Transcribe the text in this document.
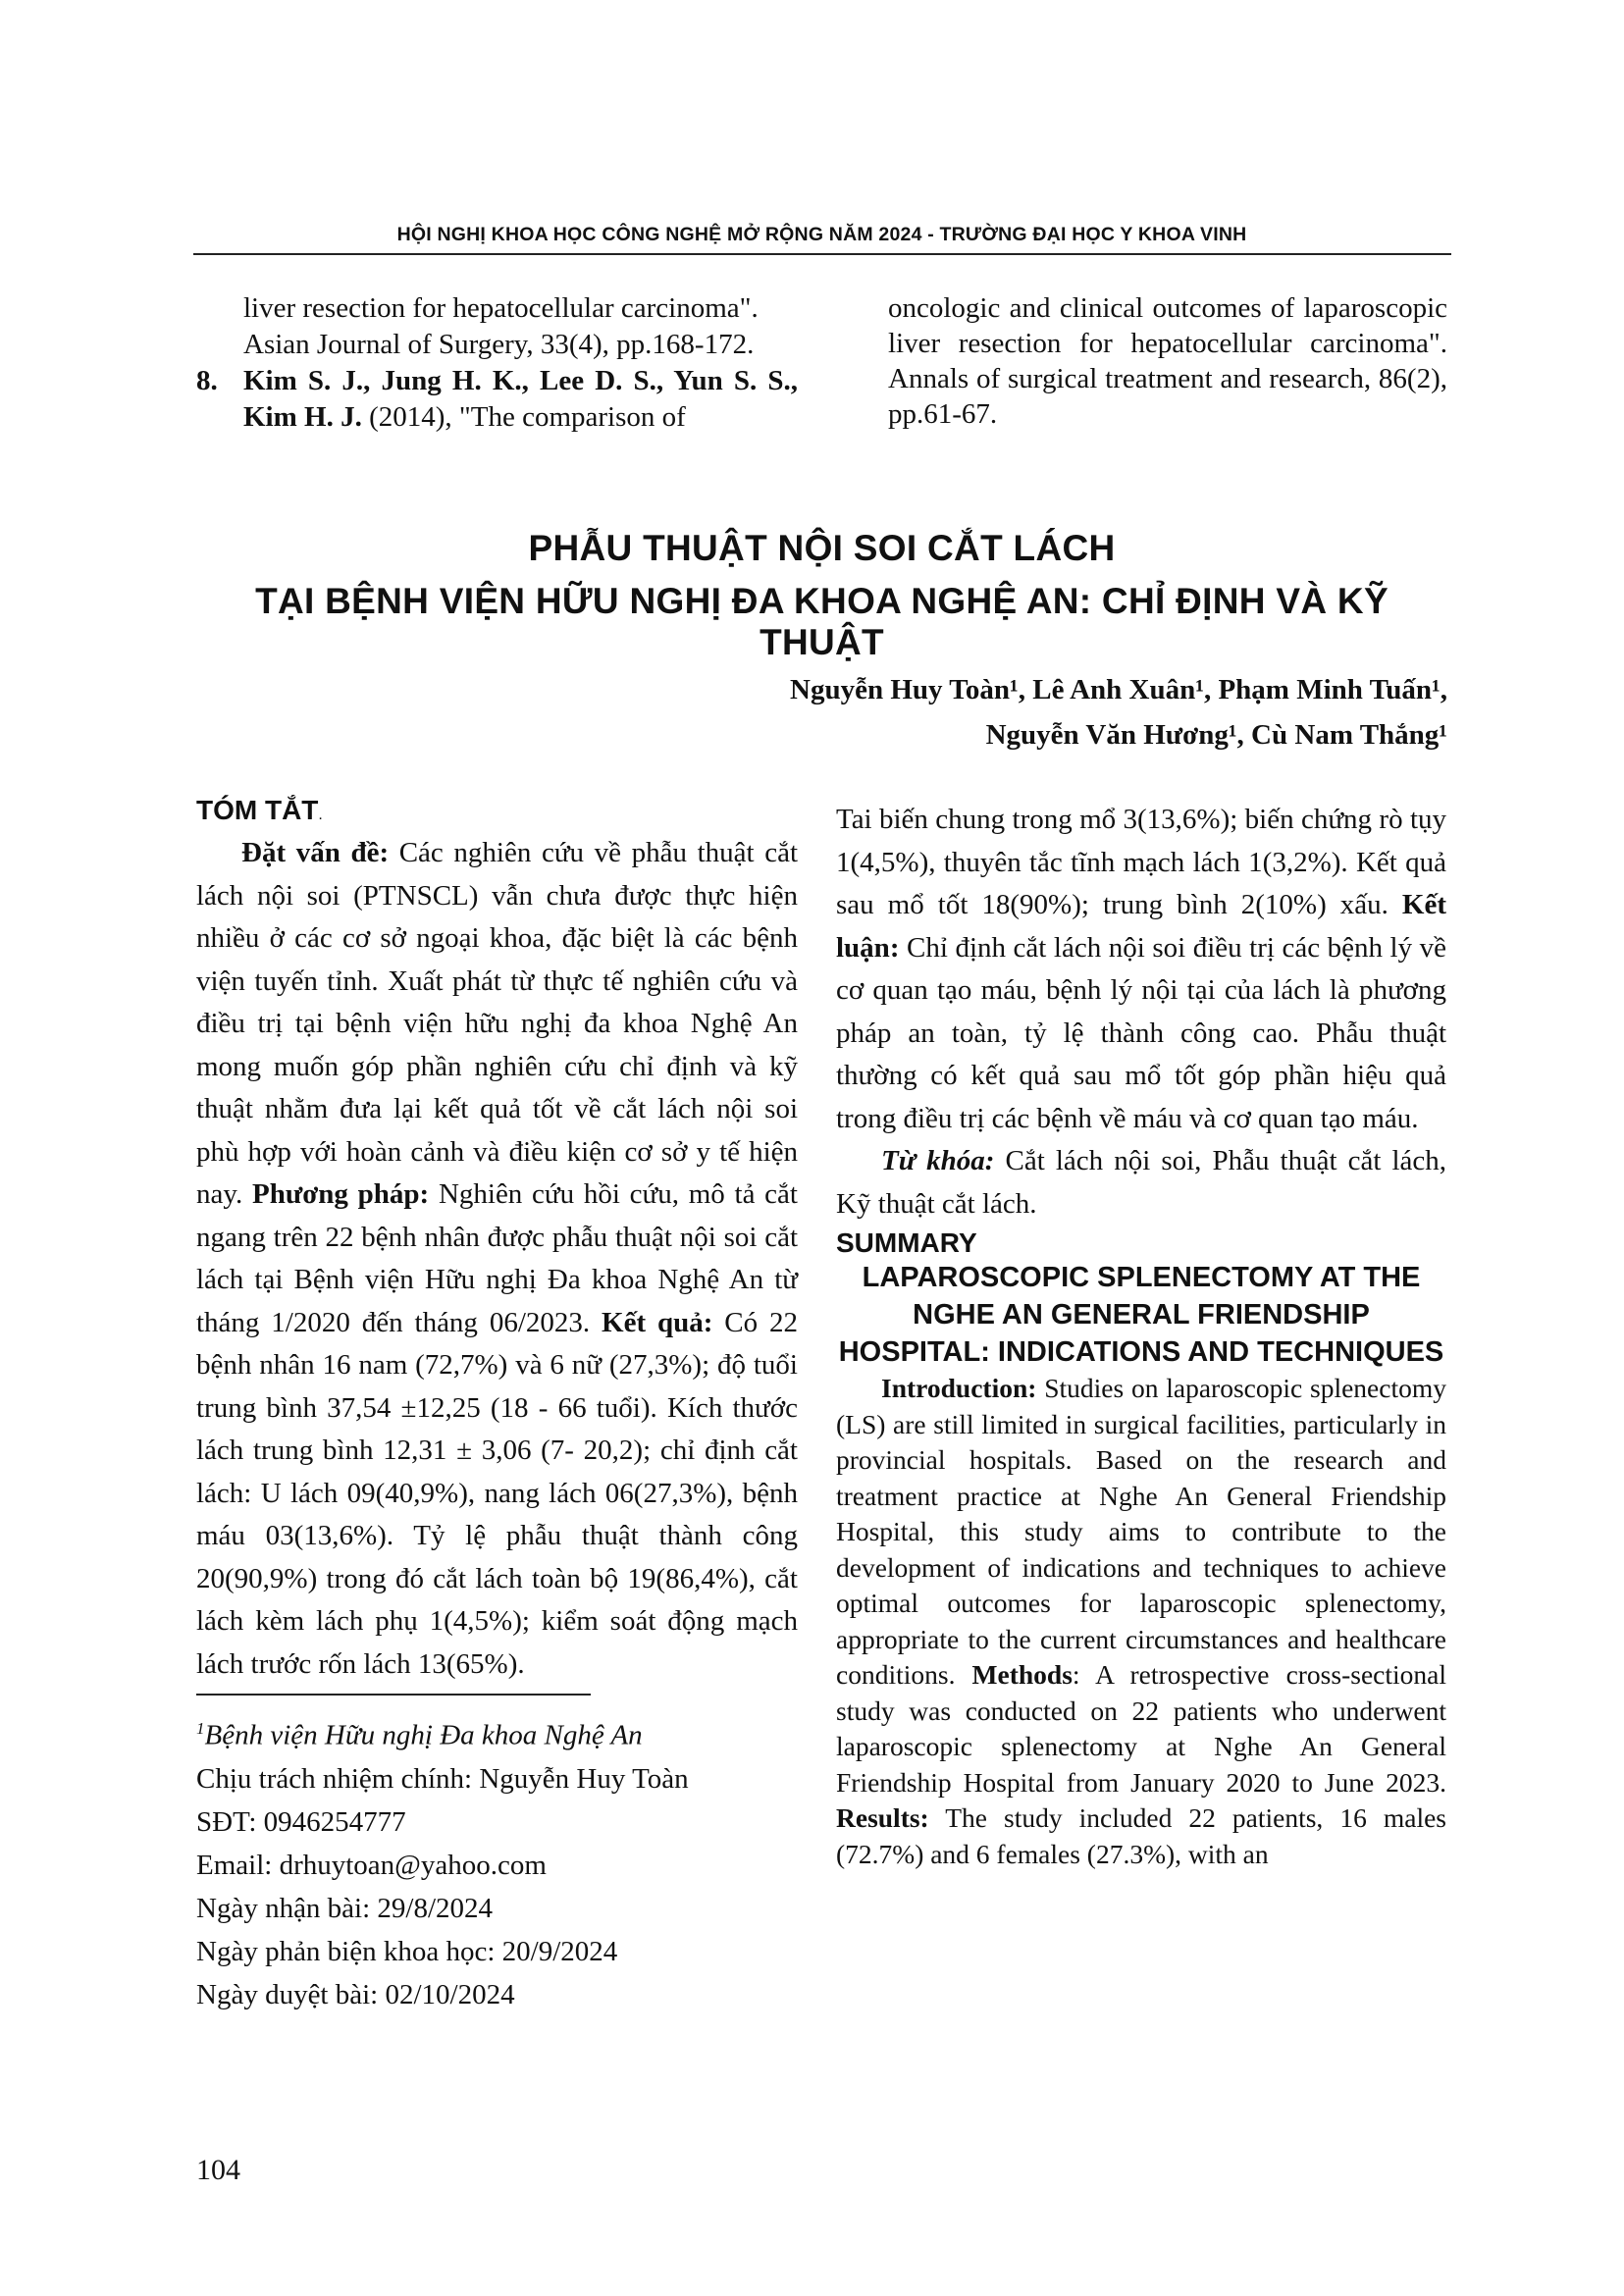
HỘI NGHỊ KHOA HỌC CÔNG NGHỆ MỞ RỘNG NĂM 2024 - TRƯỜNG ĐẠI HỌC Y KHOA VINH
liver resection for hepatocellular carcinoma".
Asian Journal of Surgery, 33(4), pp.168-172.
8. Kim S. J., Jung H. K., Lee D. S., Yun S. S., Kim H. J. (2014), "The comparison of
oncologic and clinical outcomes of laparoscopic liver resection for hepatocellular carcinoma". Annals of surgical treatment and research, 86(2), pp.61-67.
PHẪU THUẬT NỘI SOI CẮT LÁCH
TẠI BỆNH VIỆN HỮU NGHỊ ĐA KHOA NGHỆ AN: CHỈ ĐỊNH VÀ KỸ THUẬT
Nguyễn Huy Toàn¹, Lê Anh Xuân¹, Phạm Minh Tuấn¹,
Nguyễn Văn Hương¹, Cù Nam Thắng¹
TÓM TẮT.

Đặt vấn đề: Các nghiên cứu về phẫu thuật cắt lách nội soi (PTNSCL) vẫn chưa được thực hiện nhiều ở các cơ sở ngoại khoa, đặc biệt là các bệnh viện tuyến tỉnh. Xuất phát từ thực tế nghiên cứu và điều trị tại bệnh viện hữu nghị đa khoa Nghệ An mong muốn góp phần nghiên cứu chỉ định và kỹ thuật nhằm đưa lại kết quả tốt về cắt lách nội soi phù hợp với hoàn cảnh và điều kiện cơ sở y tế hiện nay. Phương pháp: Nghiên cứu hồi cứu, mô tả cắt ngang trên 22 bệnh nhân được phẫu thuật nội soi cắt lách tại Bệnh viện Hữu nghị Đa khoa Nghệ An từ tháng 1/2020 đến tháng 06/2023. Kết quả: Có 22 bệnh nhân 16 nam (72,7%) và 6 nữ (27,3%); độ tuổi trung bình 37,54 ±12,25 (18 - 66 tuổi). Kích thước lách trung bình 12,31 ± 3,06 (7- 20,2); chỉ định cắt lách: U lách 09(40,9%), nang lách 06(27,3%), bệnh máu 03(13,6%). Tỷ lệ phẫu thuật thành công 20(90,9%) trong đó cắt lách toàn bộ 19(86,4%), cắt lách kèm lách phụ 1(4,5%); kiểm soát động mạch lách trước rốn lách 13(65%).

$^1$Bệnh viện Hữu nghị Đa khoa Nghệ An
Chịu trách nhiệm chính: Nguyễn Huy Toàn
SĐT: 0946254777
Email: drhuytoan@yahoo.com
Ngày nhận bài: 29/8/2024
Ngày phản biện khoa học: 20/9/2024
Ngày duyệt bài: 02/10/2024
104

Tai biến chung trong mổ 3(13,6%); biến chứng rò tụy 1(4,5%), thuyên tắc tĩnh mạch lách 1(3,2%). Kết quả sau mổ tốt 18(90%); trung bình 2(10%) xấu. Kết luận: Chỉ định cắt lách nội soi điều trị các bệnh lý về cơ quan tạo máu, bệnh lý nội tại của lách là phương pháp an toàn, tỷ lệ thành công cao. Phẫu thuật thường có kết quả sau mổ tốt góp phần hiệu quả trong điều trị các bệnh về máu và cơ quan tạo máu.

Từ khóa: Cắt lách nội soi, Phẫu thuật cắt lách, Kỹ thuật cắt lách.

SUMMARY
LAPAROSCOPIC SPLENECTOMY AT THE NGHE AN GENERAL FRIENDSHIP HOSPITAL: INDICATIONS AND TECHNIQUES

Introduction: Studies on laparoscopic splenectomy (LS) are still limited in surgical facilities, particularly in provincial hospitals. Based on the research and treatment practice at Nghe An General Friendship Hospital, this study aims to contribute to the development of indications and techniques to achieve optimal outcomes for laparoscopic splenectomy, appropriate to the current circumstances and healthcare conditions. Methods: A retrospective cross-sectional study was conducted on 22 patients who underwent laparoscopic splenectomy at Nghe An General Friendship Hospital from January 2020 to June 2023. Results: The study included 22 patients, 16 males (72.7%) and 6 females (27.3%), with an
